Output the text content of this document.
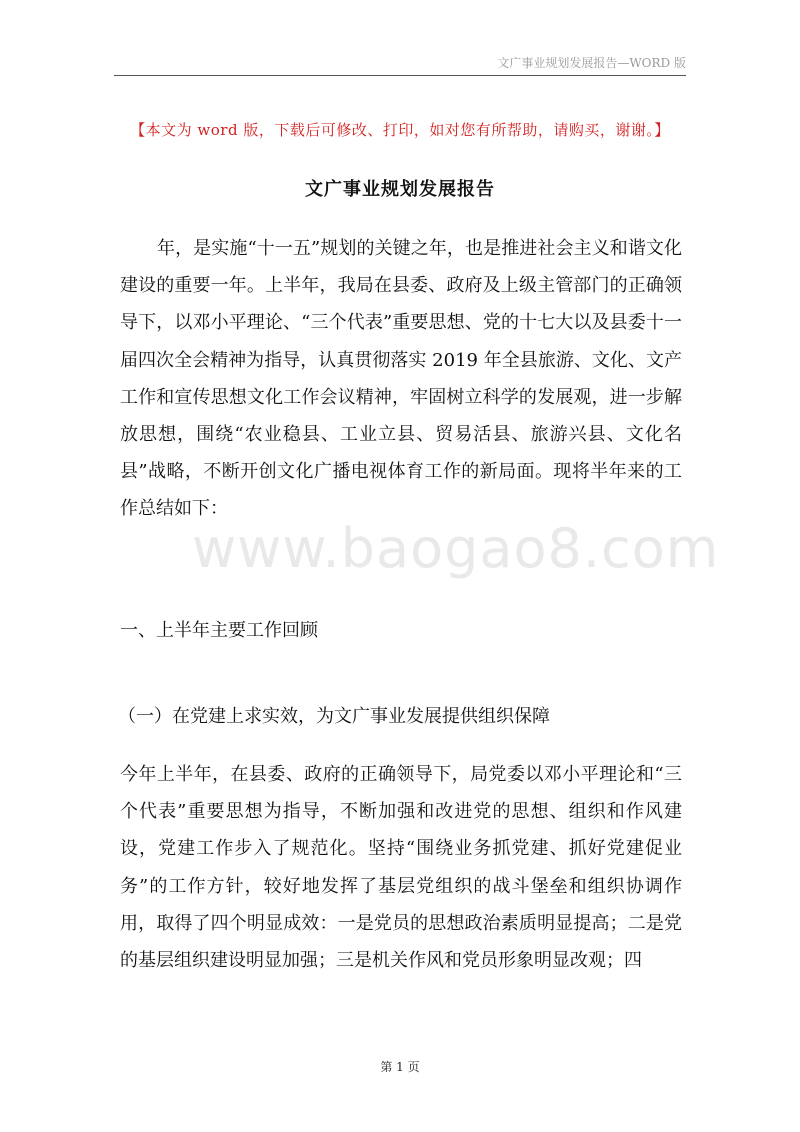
文广事业规划发展报告—WORD 版
【本文为 word 版，下载后可修改、打印，如对您有所帮助，请购买，谢谢。】
文广事业规划发展报告

年，是实施“十一五”规划的关键之年，也是推进社会主义和谐文化建设的重要一年。上半年，我局在县委、政府及上级主管部门的正确领导下，以邓小平理论、“三个代表”重要思想、党的十七大以及县委十一届四次全会精神为指导，认真贯彻落实 2019 年全县旅游、文化、文产工作和宣传思想文化工作会议精神，牢固树立科学的发展观，进一步解放思想，围绕“农业稳县、工业立县、贸易活县、旅游兴县、文化名县”战略，不断开创文化广播电视体育工作的新局面。现将半年来的工作总结如下：

www.baogao8.com

一、上半年主要工作回顾

（一）在党建上求实效，为文广事业发展提供组织保障

今年上半年，在县委、政府的正确领导下，局党委以邓小平理论和“三个代表”重要思想为指导，不断加强和改进党的思想、组织和作风建设，党建工作步入了规范化。坚持“围绕业务抓党建、抓好党建促业务”的工作方针，较好地发挥了基层党组织的战斗堡垒和组织协调作用，取得了四个明显成效：一是党员的思想政治素质明显提高；二是党的基层组织建设明显加强；三是机关作风和党员形象明显改观；四

第 1 页
